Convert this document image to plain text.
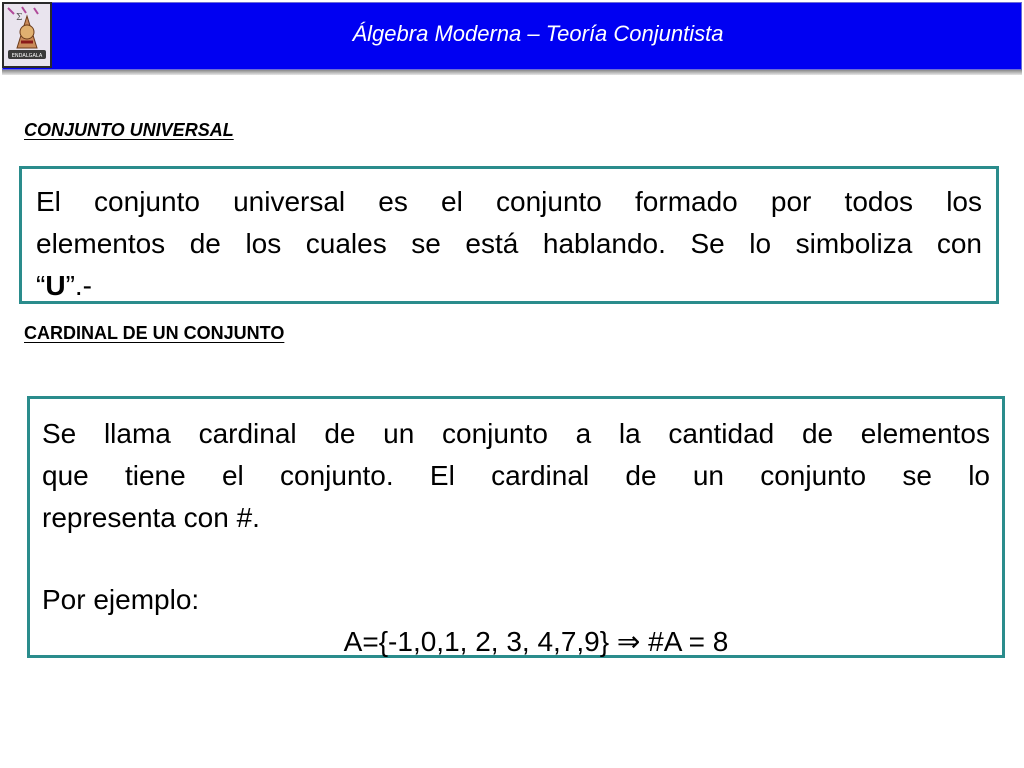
Σ
ENDALGALA
Álgebra Moderna – Teoría Conjuntista
CONJUNTO UNIVERSAL

El conjunto universal es el conjunto formado por todos los
elementos de los cuales se está hablando. Se lo simboliza con
“U”.-

CARDINAL DE UN CONJUNTO

Se llama cardinal de un conjunto a la cantidad de elementos
que tiene el conjunto. El cardinal de un conjunto se lo
representa con #.

Por ejemplo:
A={-1,0,1, 2, 3, 4,7,9} ⇒ #A = 8
